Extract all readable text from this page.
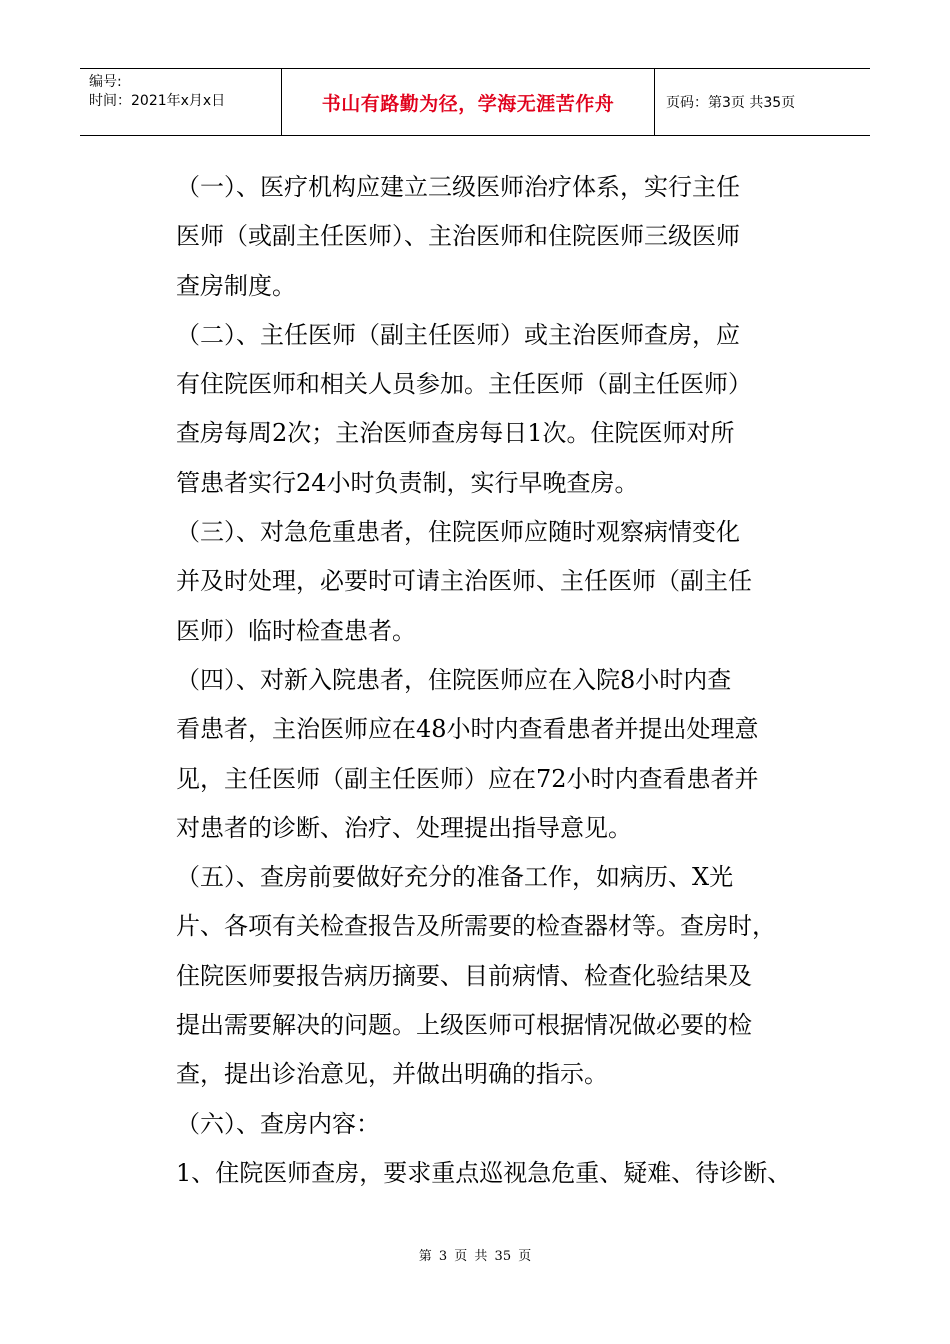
编号:
时间：2021年x月x日	书山有路勤为径，学海无涯苦作舟	页码：第3页 共35页

（一）、医疗机构应建立三级医师治疗体系，实行主任

医师（或副主任医师）、主治医师和住院医师三级医师

查房制度。

（二）、主任医师（副主任医师）或主治医师查房，应

有住院医师和相关人员参加。主任医师（副主任医师）

查房每周2次；主治医师查房每日1次。住院医师对所

管患者实行24小时负责制，实行早晚查房。

（三）、对急危重患者，住院医师应随时观察病情变化

并及时处理，必要时可请主治医师、主任医师（副主任

医师）临时检查患者。

（四）、对新入院患者，住院医师应在入院8小时内查

看患者，主治医师应在48小时内查看患者并提出处理意

见，主任医师（副主任医师）应在72小时内查看患者并

对患者的诊断、治疗、处理提出指导意见。

（五）、查房前要做好充分的准备工作，如病历、X光

片、各项有关检查报告及所需要的检查器材等。查房时，

住院医师要报告病历摘要、目前病情、检查化验结果及

提出需要解决的问题。上级医师可根据情况做必要的检

查，提出诊治意见，并做出明确的指示。

（六）、查房内容：

1、住院医师查房，要求重点巡视急危重、疑难、待诊断、

第 3 页 共 35 页
